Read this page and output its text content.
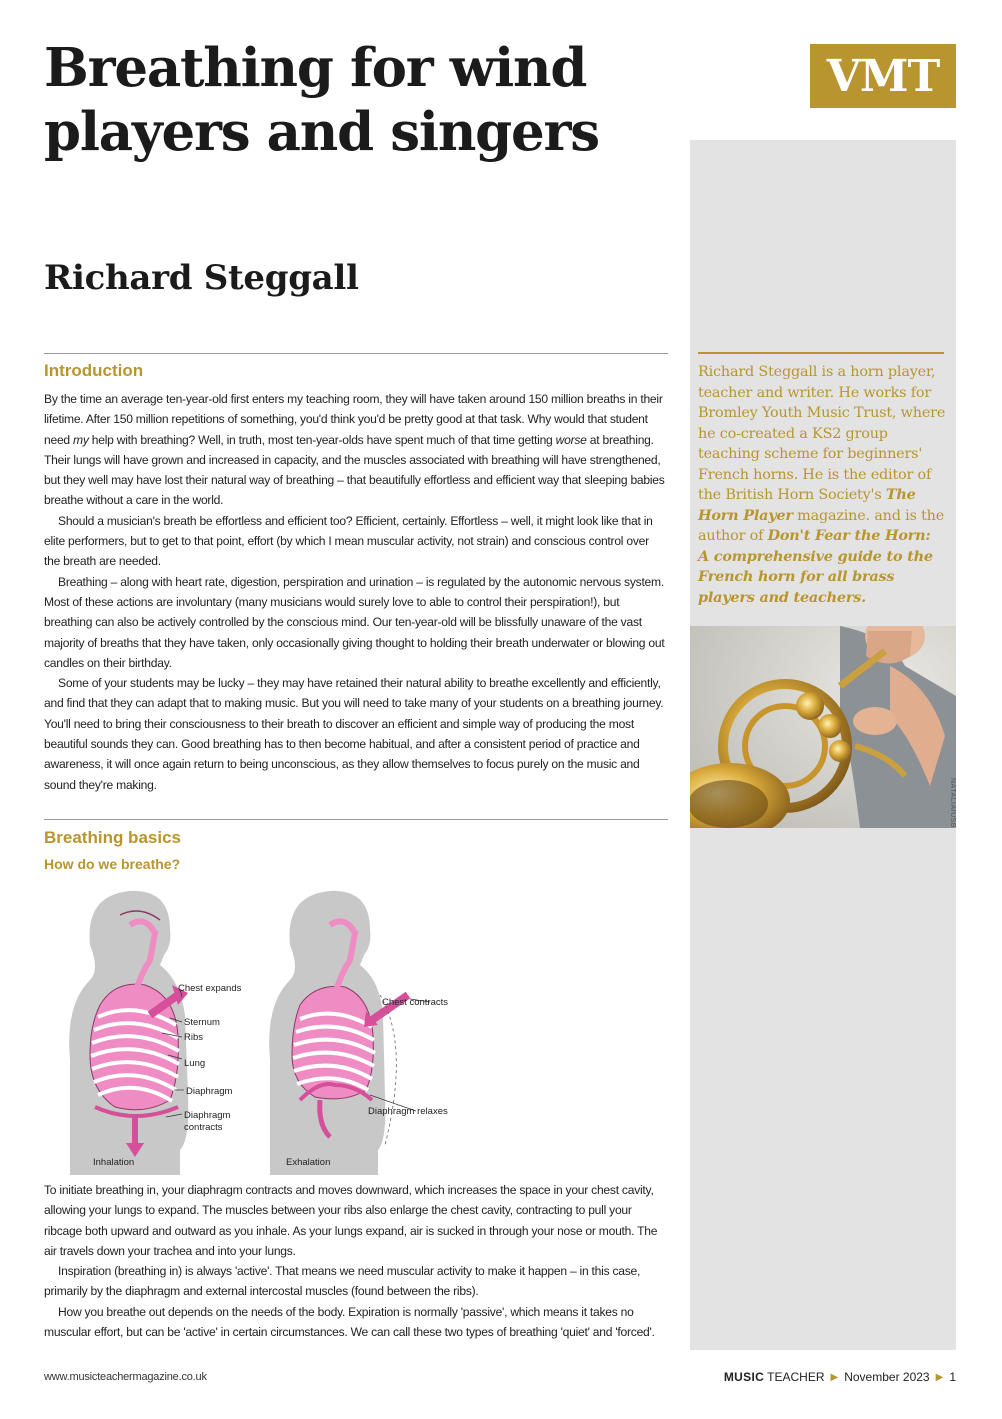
Breathing for wind players and singers
VMT
Richard Steggall

Richard Steggall is a horn player, teacher and writer. He works for Bromley Youth Music Trust, where he co-created a KS2 group teaching scheme for beginners' French horns. He is the editor of the British Horn Society's The Horn Player magazine. and is the author of Don't Fear the Horn: A comprehensive guide to the French horn for all brass players and teachers.

NATALIAIUSB
Introduction

By the time an average ten-year-old first enters my teaching room, they will have taken around 150 million breaths in their lifetime. After 150 million repetitions of something, you'd think you'd be pretty good at that task. Why would that student need my help with breathing? Well, in truth, most ten-year-olds have spent much of that time getting worse at breathing. Their lungs will have grown and increased in capacity, and the muscles associated with breathing will have strengthened, but they well may have lost their natural way of breathing – that beautifully effortless and efficient way that sleeping babies breathe without a care in the world.

Should a musician's breath be effortless and efficient too? Efficient, certainly. Effortless – well, it might look like that in elite performers, but to get to that point, effort (by which I mean muscular activity, not strain) and conscious control over the breath are needed.

Breathing – along with heart rate, digestion, perspiration and urination – is regulated by the autonomic nervous system. Most of these actions are involuntary (many musicians would surely love to able to control their perspiration!), but breathing can also be actively controlled by the conscious mind. Our ten-year-old will be blissfully unaware of the vast majority of breaths that they have taken, only occasionally giving thought to holding their breath underwater or blowing out candles on their birthday.

Some of your students may be lucky – they may have retained their natural ability to breathe excellently and efficiently, and find that they can adapt that to making music. But you will need to take many of your students on a breathing journey. You'll need to bring their consciousness to their breath to discover an efficient and simple way of producing the most beautiful sounds they can. Good breathing has to then become habitual, and after a consistent period of practice and awareness, it will once again return to being unconscious, as they allow themselves to focus purely on the music and sound they're making.

Breathing basics
How do we breathe?
Chest expands
Sternum
Ribs
Lung
Diaphragm
Diaphragm
contracts
Inhalation
Chest contracts
Diaphragm relaxes
Exhalation

To initiate breathing in, your diaphragm contracts and moves downward, which increases the space in your chest cavity, allowing your lungs to expand. The muscles between your ribs also enlarge the chest cavity, contracting to pull your ribcage both upward and outward as you inhale. As your lungs expand, air is sucked in through your nose or mouth. The air travels down your trachea and into your lungs.

Inspiration (breathing in) is always 'active'. That means we need muscular activity to make it happen – in this case, primarily by the diaphragm and external intercostal muscles (found between the ribs).

How you breathe out depends on the needs of the body. Expiration is normally 'passive', which means it takes no muscular effort, but can be 'active' in certain circumstances. We can call these two types of breathing 'quiet' and 'forced'.

www.musicteachermagazine.co.uk	MUSIC TEACHER ▶ November 2023 ▶ 1
